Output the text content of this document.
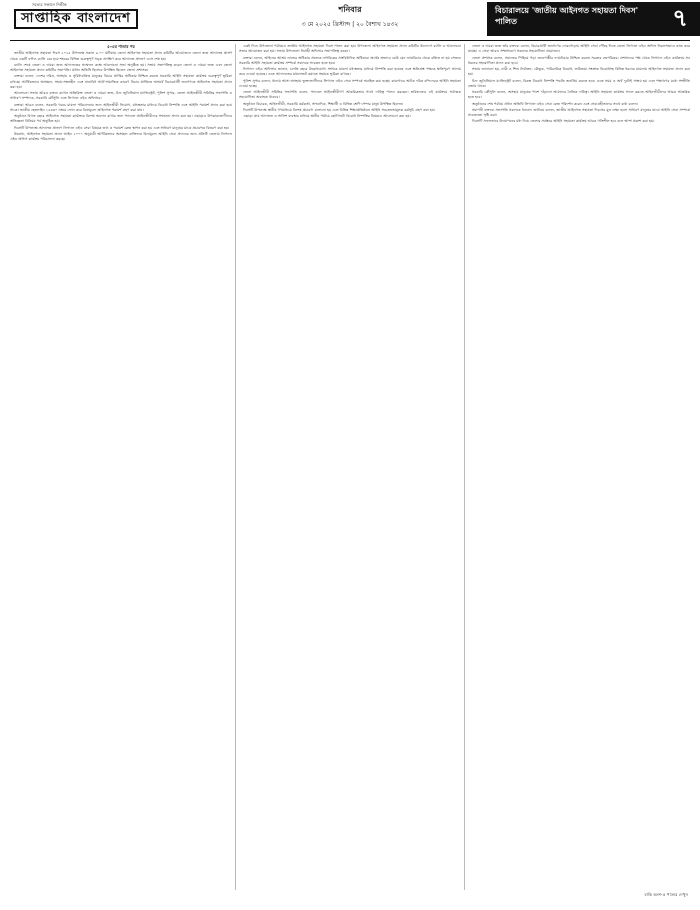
সত্যের সন্ধানে নির্ভীক
সাপ্তাহিক বাংলাদেশ
শনিবার
৩ মে ২০২৫ খ্রিস্টাব্দ | ২০ বৈশাখ ১৪৩২
বিচারালয়ে 'জাতীয় আইনগত সহায়তা দিবস' পালিত	৭

৫-এর পাতার পর

জাতীয় আইনগত সহায়তা দিবস ২০২৫ উপলক্ষে সকাল ৯.০০ ঘটিকায় জেলা আইনগত সহায়তা প্রদান কমিটির আয়োজনে জেলা জজ আদালত প্রাঙ্গণ থেকে একটি বর্ণাঢ্য র‍্যালি বের হয়ে শহরের বিভিন্ন গুরুত্বপূর্ণ সড়ক প্রদক্ষিণ করে আদালত প্রাঙ্গণে এসে শেষ হয়।

র‍্যালি শেষে জেলা ও দায়রা জজ আদালতের সম্মেলন কক্ষে আলোচনা সভা অনুষ্ঠিত হয়। সভায় সভাপতিত্ব করেন জেলা ও দায়রা জজ এবং জেলা আইনগত সহায়তা প্রদান কমিটির সভাপতি। প্রধান অতিথি হিসেবে উপস্থিত ছিলেন জেলা প্রশাসক।

বক্তারা বলেন, দেশের দরিদ্র, অসহায় ও সুবিধাবঞ্চিত মানুষের বিচার প্রাপ্তির অধিকার নিশ্চিত করতে সরকারি আইনি সহায়তা কার্যক্রম গুরুত্বপূর্ণ ভূমিকা রাখছে। আর্থিকভাবে অসচ্ছল, সহায়-সম্বলহীন এবং নানাবিধ আর্থ-সামাজিক কারণে বিচার প্রাপ্তিতে অসমর্থ বিচারপ্রার্থী জনগণকে আইনগত সহায়তা প্রদান করা হয়।

আলোচনা সভায় আরও বক্তব্য রাখেন অতিরিক্ত জেলা ও দায়রা জজ, চিফ জুডিসিয়াল ম্যাজিস্ট্রেট, পুলিশ সুপার, জেলা আইনজীবী সমিতির সভাপতি ও সাধারণ সম্পাদক, সরকারি কৌঁসুলি এবং লিগ্যাল এইড অফিসার।

বক্তারা আরও বলেন, সরকারি খরচে মামলা পরিচালনার জন্য আইনজীবী নিয়োগ, মধ্যস্থতার মাধ্যমে বিরোধ নিষ্পত্তি এবং আইনি পরামর্শ প্রদান করা হয়ে থাকে। জাতীয় হেল্পলাইন ১৬৪৩০ নম্বরে ফোন করে বিনামূল্যে আইনগত পরামর্শ গ্রহণ করা যায়।

অনুষ্ঠানে বিগত বছরে আইনগত সহায়তা কার্যক্রমে বিশেষ অবদান রাখার জন্য প্যানেল আইনজীবীদের সম্মাননা প্রদান করা হয়। এছাড়াও উপকারভোগীদের অভিজ্ঞতা বিনিময় পর্ব অনুষ্ঠিত হয়।

দিবসটি উপলক্ষে আদালত প্রাঙ্গণে লিগ্যাল এইড সেবা বিষয়ক তথ্য ও পরামর্শ কেন্দ্র স্থাপন করা হয় এবং সাধারণ মানুষের মাঝে প্রচারপত্র বিতরণ করা হয়।

উল্লেখ্য, আইনগত সহায়তা প্রদান আইন ২০০০ অনুযায়ী আর্থিকভাবে অসচ্ছল ব্যক্তিদের বিনামূল্যে আইনি সেবা প্রদানের জন্য প্রতিটি জেলায় লিগ্যাল এইড অফিস কার্যক্রম পরিচালনা করছে।

একই দিনে উপজেলা পর্যায়েও জাতীয় আইনগত সহায়তা দিবস পালন করা হয়। উপজেলা আইনগত সহায়তা প্রদান কমিটির উদ্যোগে র‍্যালি ও আলোচনা সভার আয়োজন করা হয়। সভায় উপজেলা নির্বাহী অফিসার সভাপতিত্ব করেন।

বক্তারা বলেন, আইনের আশ্রয় লাভের অধিকার প্রত্যেক নাগরিকের সাংবিধানিক অধিকার। অর্থের অভাবে কেউ যেন ন্যায়বিচার থেকে বঞ্চিত না হয় সেজন্য সরকারি আইনি সহায়তা কার্যক্রম সম্পর্কে সকলকে সচেতন হতে হবে।

লিগ্যাল এইড অফিসার জানান, চলতি বছরে উল্লেখযোগ্য সংখ্যক মামলা মধ্যস্থতার মাধ্যমে নিষ্পত্তি করা হয়েছে এবং ক্ষতিগ্রস্ত পক্ষকে ক্ষতিপূরণ আদায় করে দেওয়া হয়েছে। এতে আদালতের মামলাজট কমাতে সহায়ক ভূমিকা রাখছে।

পুলিশ সুপার বলেন, থানায় আসা অসহায় ভুক্তভোগীদের লিগ্যাল এইড সেবা সম্পর্কে অবহিত করা হচ্ছে। কারাগারে আটক দরিদ্র বন্দিদেরও আইনি সহায়তা দেওয়া হচ্ছে।

জেলা আইনজীবী সমিতির সভাপতি বলেন, প্যানেল আইনজীবীগণ আন্তরিকতার সাথে দায়িত্ব পালন করছেন। ভবিষ্যতেও এই কার্যক্রমে সর্বাত্মক সহযোগিতা অব্যাহত থাকবে।

অনুষ্ঠানে বিচারক, আইনজীবী, সরকারি কর্মকর্তা, সাংবাদিক, শিক্ষার্থী ও বিভিন্ন শ্রেণি-পেশার মানুষ উপস্থিত ছিলেন।

দিবসটি উপলক্ষে স্থানীয় গণমাধ্যমে বিশেষ প্রচারণা চালানো হয় এবং বিভিন্ন শিক্ষাপ্রতিষ্ঠানে আইনি সচেতনতামূলক কর্মসূচি গ্রহণ করা হয়।

এছাড়া গ্রাম আদালত ও সালিশ ব্যবস্থার মাধ্যমে স্থানীয় পর্যায়ে ছোটখাটো বিরোধ নিষ্পত্তির বিষয়েও আলোচনা করা হয়।

জেলা ও দায়রা জজ তাঁর বক্তব্যে বলেন, বিচারপ্রার্থী জনগণের দোরগোড়ায় আইনি সেবা পৌঁছে দিতে জেলা লিগ্যাল এইড অফিস নিরলসভাবে কাজ করে যাচ্ছে। এ সেবা আরও সম্প্রসারণে সকলের সহযোগিতা প্রয়োজন।

জেলা প্রশাসক বলেন, সমাজের পিছিয়ে পড়া জনগোষ্ঠীর ন্যায়বিচার নিশ্চিত করতে সরকার বদ্ধপরিকর। প্রশাসনের পক্ষ থেকে লিগ্যাল এইড কার্যক্রমে সব ধরনের সহযোগিতা প্রদান করা হবে।

সভায় জানানো হয়, নারী ও শিশু নির্যাতন, যৌতুক, পারিবারিক বিরোধ, জমিজমা সংক্রান্ত বিরোধসহ বিভিন্ন ধরনের মামলায় আইনগত সহায়তা প্রদান করা হয়।

চিফ জুডিসিয়াল ম্যাজিস্ট্রেট বলেন, বিকল্প বিরোধ নিষ্পত্তি পদ্ধতি জনপ্রিয় করতে হবে। এতে সময় ও অর্থ দুটোই সাশ্রয় হয় এবং পক্ষগণের মধ্যে সম্প্রীতি বজায় থাকে।

সরকারি কৌঁসুলি বলেন, অসহায় মানুষের পাশে দাঁড়ানো আমাদের নৈতিক দায়িত্ব। আইনি সহায়তা কার্যক্রম সফল করতে আইনজীবীদের আরও আন্তরিক হতে হবে।

অনুষ্ঠানের শেষ পর্যায়ে প্রধান অতিথি লিগ্যাল এইড সেবা কেন্দ্র পরিদর্শন করেন এবং সেবাগ্রহীতাদের সাথে কথা বলেন।

সমাপনী বক্তব্যে সভাপতি সকলকে ধন্যবাদ জানিয়ে বলেন, জাতীয় আইনগত সহায়তা দিবসের মূল লক্ষ্য হলো সাধারণ মানুষের মাঝে আইনি সেবা সম্পর্কে সচেতনতা সৃষ্টি করা।

দিবসটি সফলভাবে উদযাপনের মধ্য দিয়ে জেলার সর্বস্তরে আইনি সহায়তা কার্যক্রম আরও গতিশীল হবে বলে আশা প্রকাশ করা হয়।

বাকি অংশ-৫ পাতার দেখুন
